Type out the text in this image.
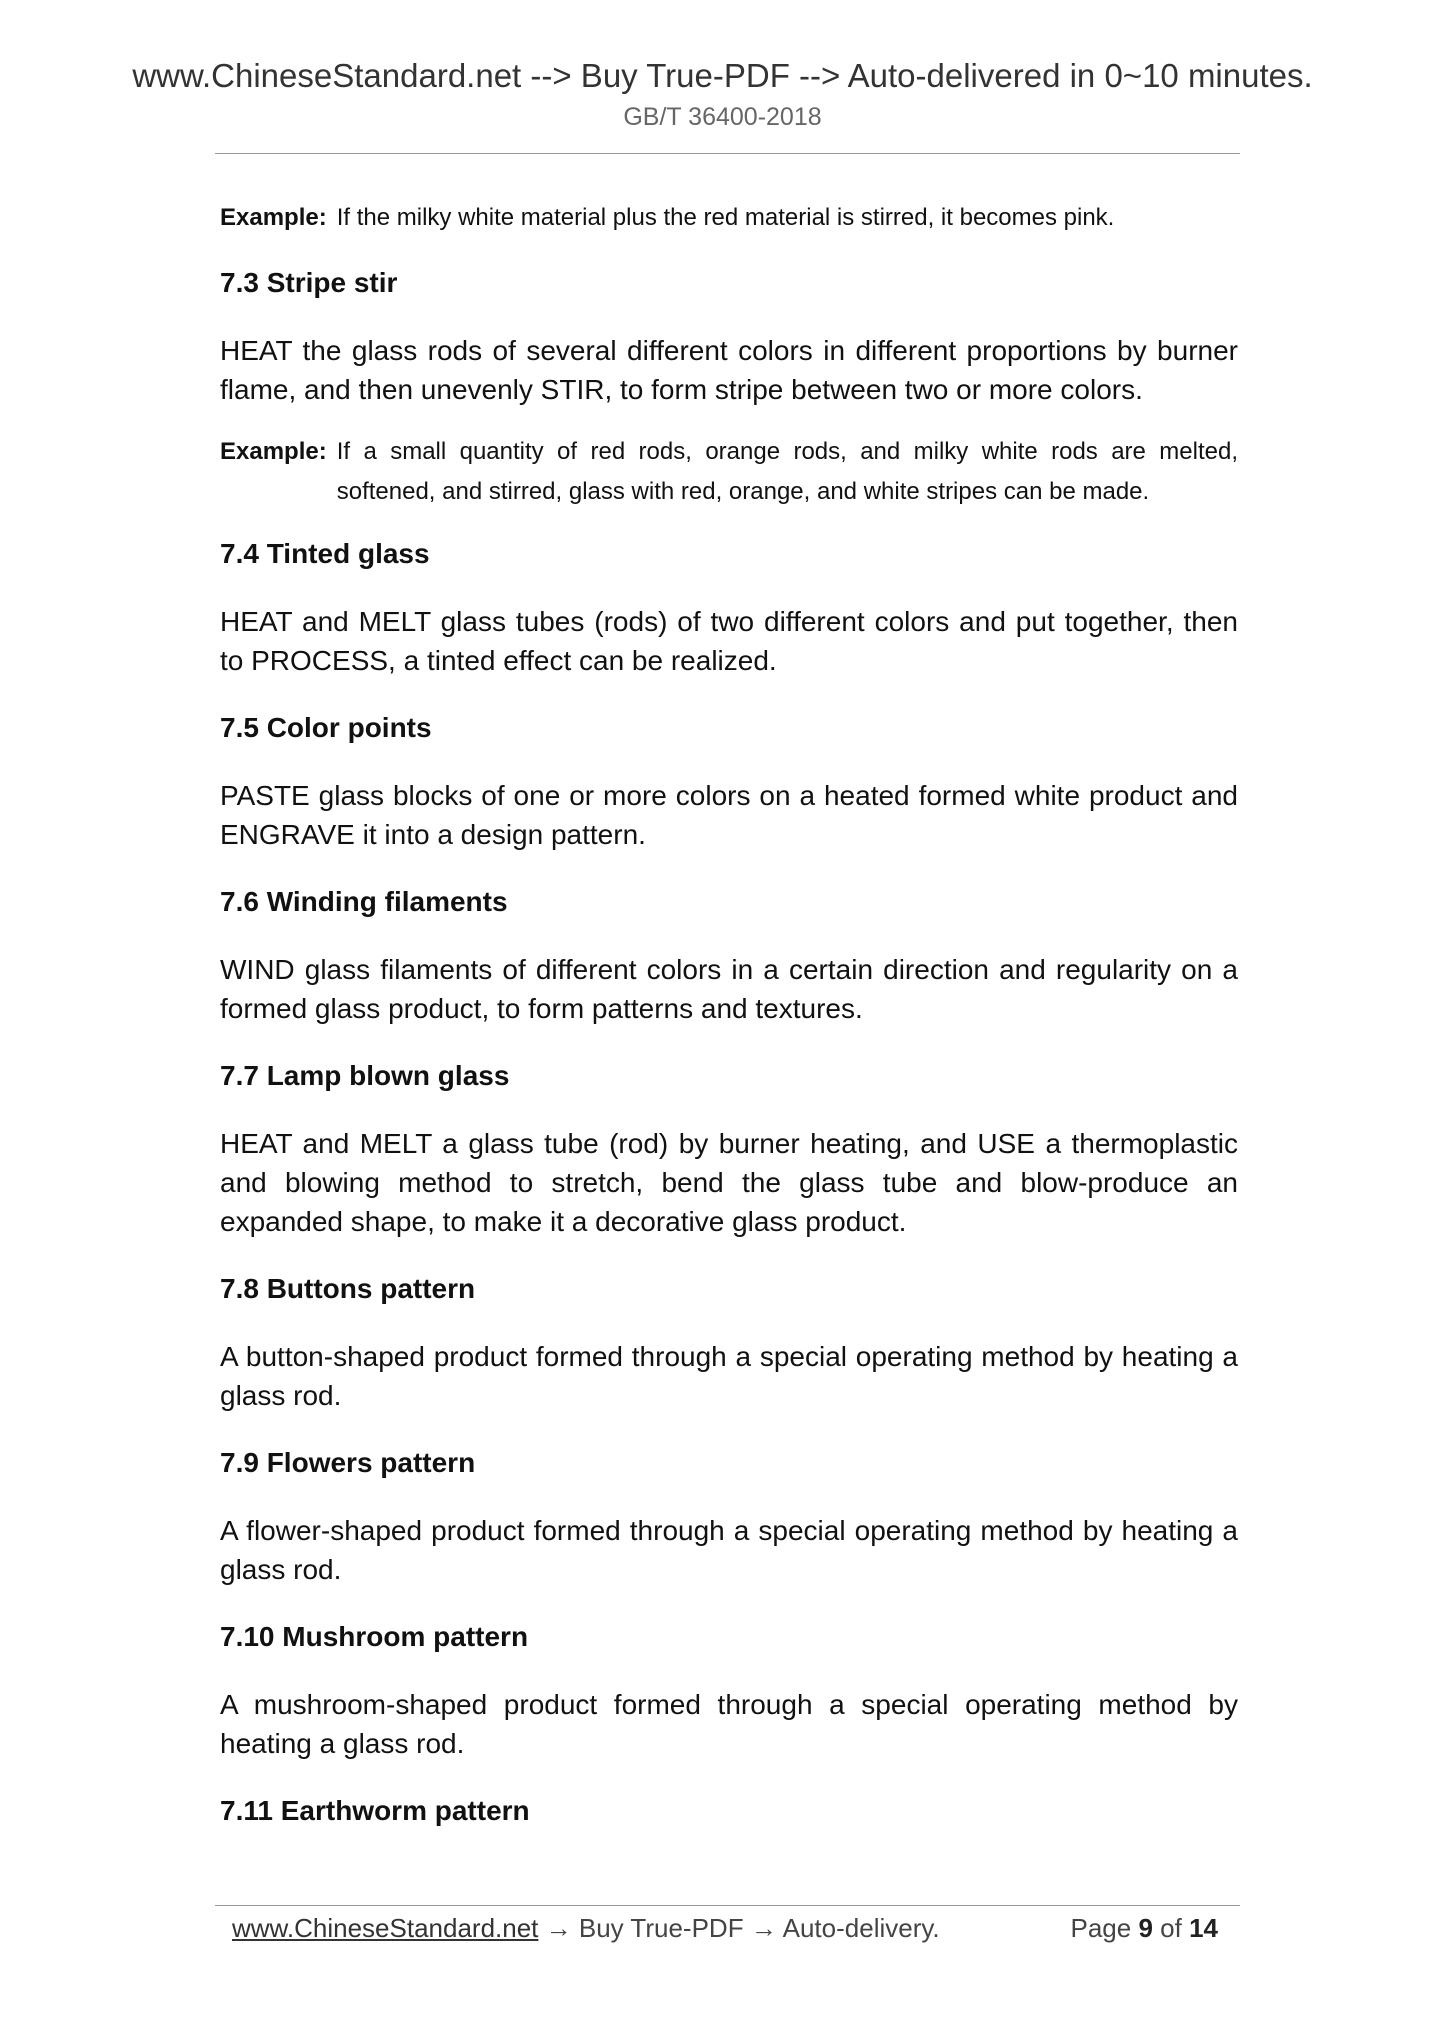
www.ChineseStandard.net --> Buy True-PDF --> Auto-delivered in 0~10 minutes.
GB/T 36400-2018
Example: If the milky white material plus the red material is stirred, it becomes pink.
7.3 Stripe stir
HEAT the glass rods of several different colors in different proportions by burner flame, and then unevenly STIR, to form stripe between two or more colors.
Example: If a small quantity of red rods, orange rods, and milky white rods are melted, softened, and stirred, glass with red, orange, and white stripes can be made.
7.4 Tinted glass
HEAT and MELT glass tubes (rods) of two different colors and put together, then to PROCESS, a tinted effect can be realized.
7.5 Color points
PASTE glass blocks of one or more colors on a heated formed white product and ENGRAVE it into a design pattern.
7.6 Winding filaments
WIND glass filaments of different colors in a certain direction and regularity on a formed glass product, to form patterns and textures.
7.7 Lamp blown glass
HEAT and MELT a glass tube (rod) by burner heating, and USE a thermoplastic and blowing method to stretch, bend the glass tube and blow-produce an expanded shape, to make it a decorative glass product.
7.8 Buttons pattern
A button-shaped product formed through a special operating method by heating a glass rod.
7.9 Flowers pattern
A flower-shaped product formed through a special operating method by heating a glass rod.
7.10 Mushroom pattern
A mushroom-shaped product formed through a special operating method by heating a glass rod.
7.11 Earthworm pattern
www.ChineseStandard.net → Buy True-PDF → Auto-delivery.	Page 9 of 14
